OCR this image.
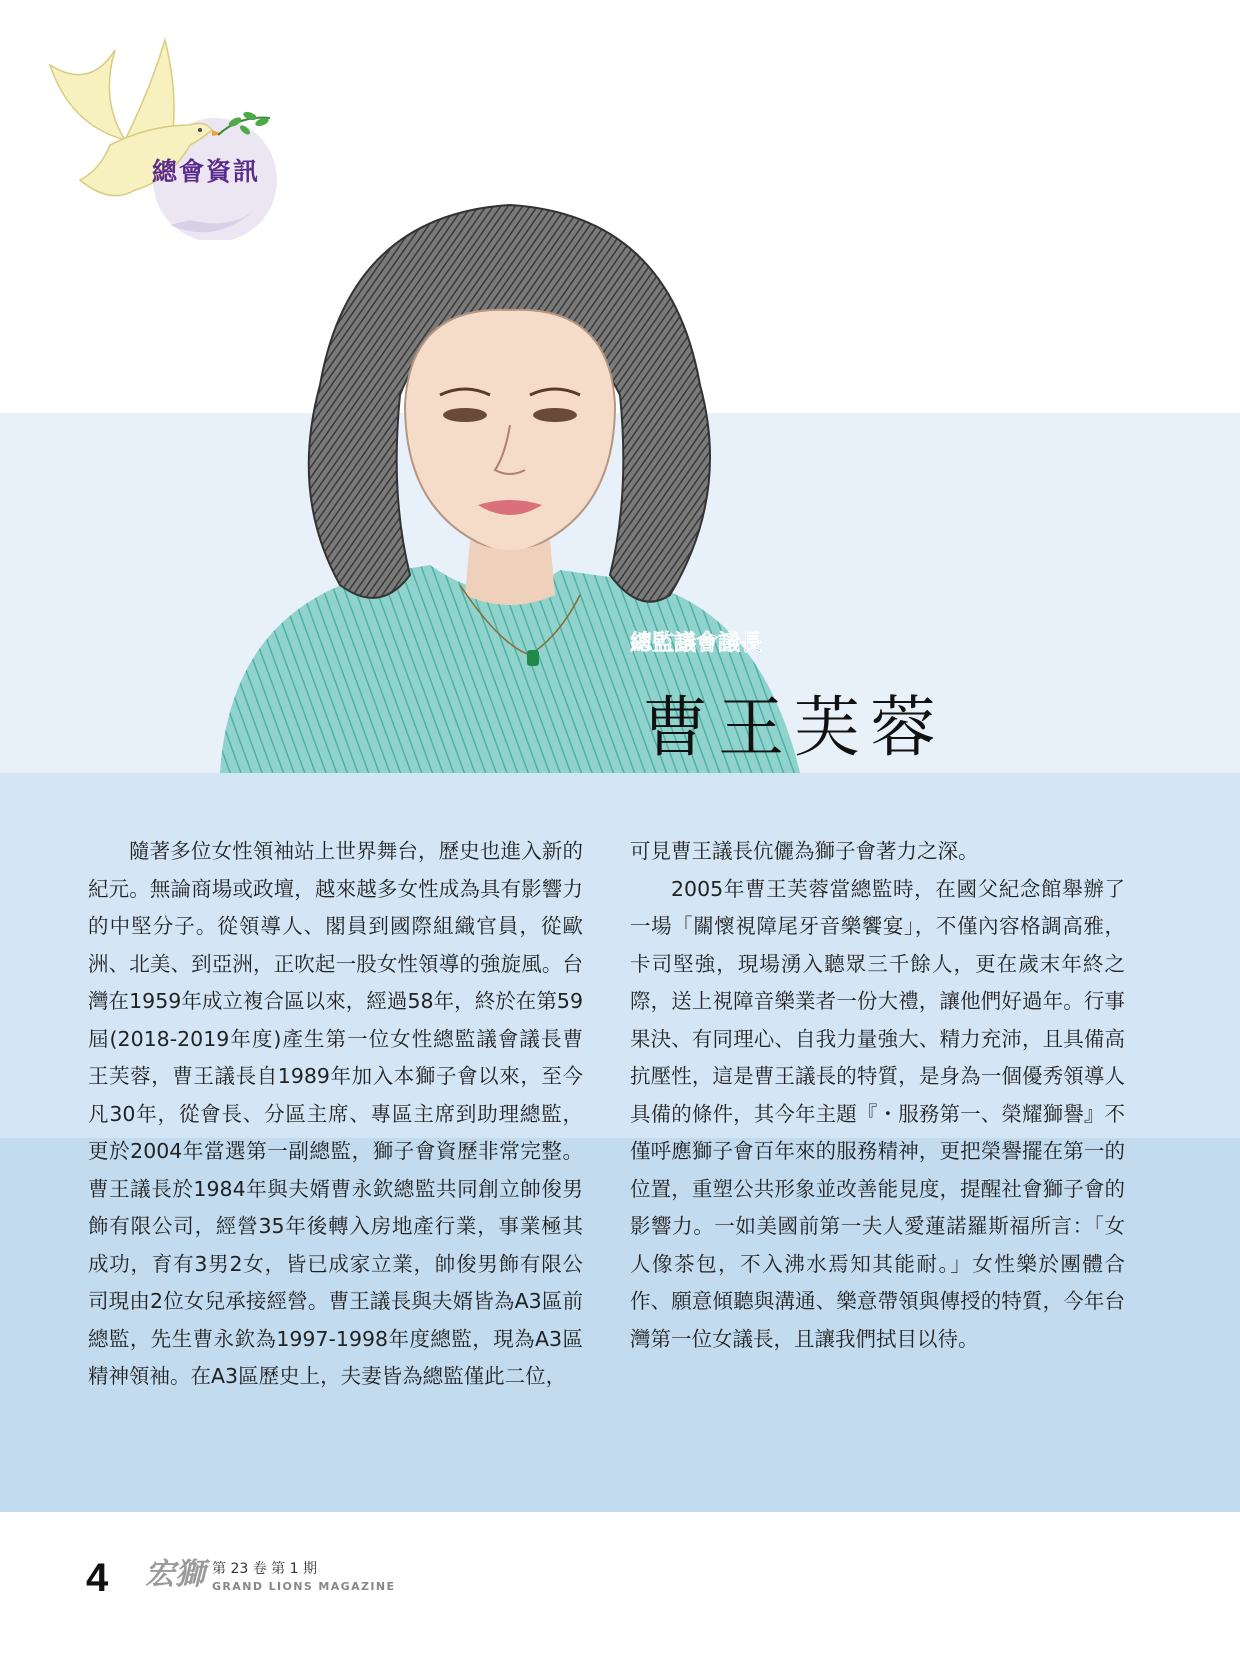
總會資訊
總監議會議長
曹王芙蓉

隨著多位女性領袖站上世界舞台，歷史也進入新的紀元。無論商場或政壇，越來越多女性成為具有影響力的中堅分子。從領導人、閣員到國際組織官員，從歐洲、北美、到亞洲，正吹起一股女性領導的強旋風。台灣在1959年成立複合區以來，經過58年，終於在第59屆(2018-2019年度)產生第一位女性總監議會議長曹王芙蓉，曹王議長自1989年加入本獅子會以來，至今凡30年，從會長、分區主席、專區主席到助理總監，更於2004年當選第一副總監，獅子會資歷非常完整。曹王議長於1984年與夫婿曹永欽總監共同創立帥俊男飾有限公司，經營35年後轉入房地產行業，事業極其成功，育有3男2女，皆已成家立業，帥俊男飾有限公司現由2位女兒承接經營。曹王議長與夫婿皆為A3區前總監，先生曹永欽為1997-1998年度總監，現為A3區精神領袖。在A3區歷史上，夫妻皆為總監僅此二位，

可見曹王議長伉儷為獅子會著力之深。

2005年曹王芙蓉當總監時，在國父紀念館舉辦了一場「關懷視障尾牙音樂饗宴」，不僅內容格調高雅，卡司堅強，現場湧入聽眾三千餘人，更在歲末年終之際，送上視障音樂業者一份大禮，讓他們好過年。行事果決、有同理心、自我力量強大、精力充沛，且具備高抗壓性，這是曹王議長的特質，是身為一個優秀領導人具備的條件，其今年主題『・服務第一、榮耀獅譽』不僅呼應獅子會百年來的服務精神，更把榮譽擺在第一的位置，重塑公共形象並改善能見度，提醒社會獅子會的影響力。一如美國前第一夫人愛蓮諾羅斯福所言：「女人像茶包，不入沸水焉知其能耐。」女性樂於團體合作、願意傾聽與溝通、樂意帶領與傳授的特質，今年台灣第一位女議長，且讓我們拭目以待。

4 宏獅 第 23 卷 第 1 期
GRAND LIONS MAGAZINE
